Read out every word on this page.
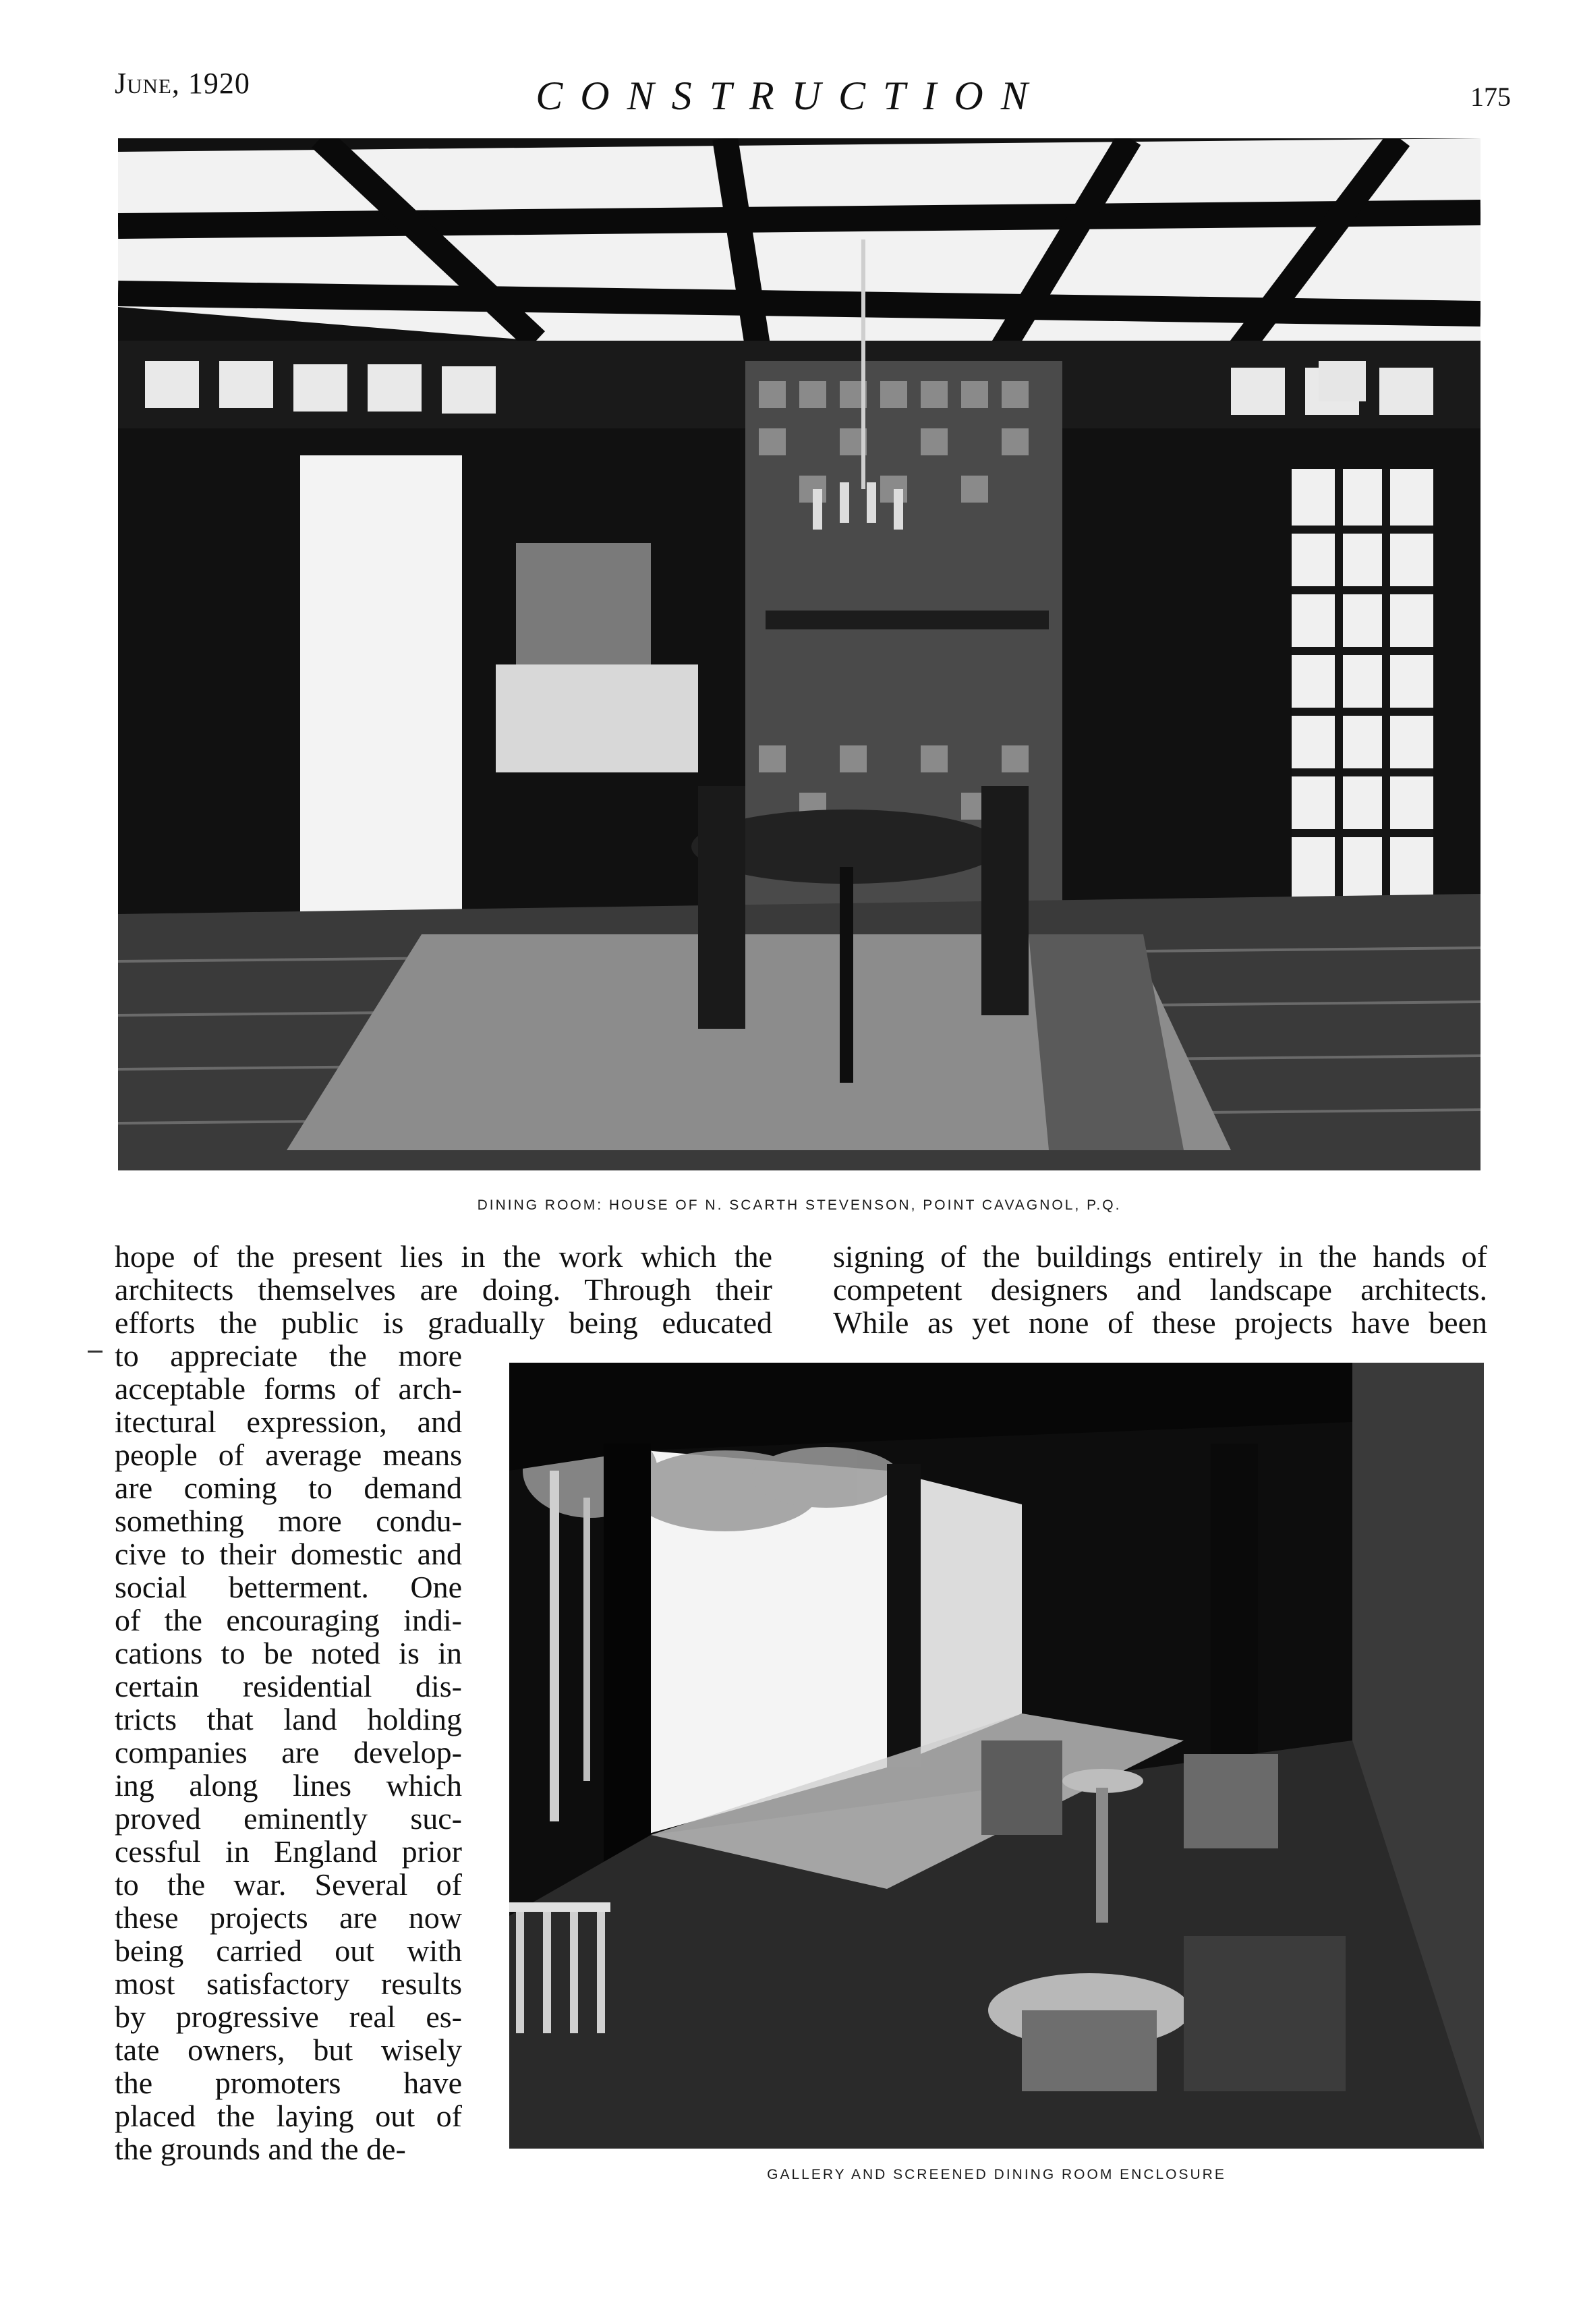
June, 1920	CONSTRUCTION	175
DINING ROOM: HOUSE OF N. SCARTH STEVENSON, POINT CAVAGNOL, P.Q.
hope of the present lies in the work which the
architects themselves are doing. Through their
efforts the public is gradually being educated
signing of the buildings entirely in the hands of
competent designers and landscape architects.
While as yet none of these projects have been
to appreciate the more
acceptable forms of arch-
itectural expression, and
people of average means
are coming to demand
something more condu-
cive to their domestic and
social betterment. One
of the encouraging indi-
cations to be noted is in
certain residential dis-
tricts that land holding
companies are develop-
ing along lines which
proved eminently suc-
cessful in England prior
to the war. Several of
these projects are now
being carried out with
most satisfactory results
by progressive real es-
tate owners, but wisely
the promoters have
placed the laying out of
the grounds and the de-
GALLERY AND SCREENED DINING ROOM ENCLOSURE
